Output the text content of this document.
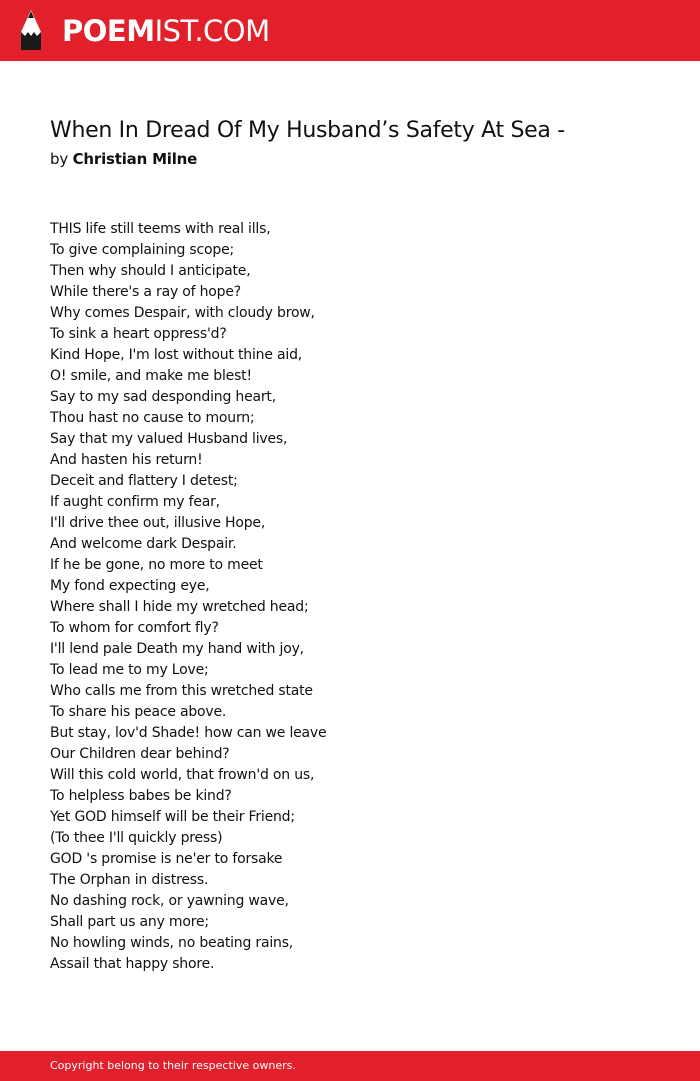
POEMIST.COM
When In Dread Of My Husband’s Safety At Sea -
by Christian Milne
THIS life still teems with real ills,
To give complaining scope;
Then why should I anticipate,
While there's a ray of hope?
Why comes Despair, with cloudy brow,
To sink a heart oppress'd?
Kind Hope, I'm lost without thine aid,
O! smile, and make me blest!
Say to my sad desponding heart,
Thou hast no cause to mourn;
Say that my valued Husband lives,
And hasten his return!
Deceit and flattery I detest;
If aught confirm my fear,
I'll drive thee out, illusive Hope,
And welcome dark Despair.
If he be gone, no more to meet
My fond expecting eye,
Where shall I hide my wretched head;
To whom for comfort fly?
I'll lend pale Death my hand with joy,
To lead me to my Love;
Who calls me from this wretched state
To share his peace above.
But stay, lov'd Shade! how can we leave
Our Children dear behind?
Will this cold world, that frown'd on us,
To helpless babes be kind?
Yet GOD himself will be their Friend;
(To thee I'll quickly press)
GOD 's promise is ne'er to forsake
The Orphan in distress.
No dashing rock, or yawning wave,
Shall part us any more;
No howling winds, no beating rains,
Assail that happy shore.
Copyright belong to their respective owners.
